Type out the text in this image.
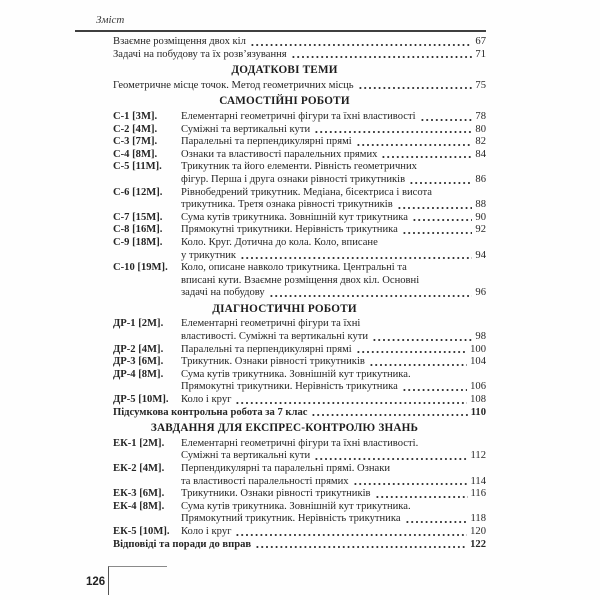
Зміст
Взаємне розміщення двох кіл	67
Задачі на побудову та їх розв’язування	71
ДОДАТКОВІ ТЕМИ
Геометричне місце точок. Метод геометричних місць	75
САМОСТІЙНІ РОБОТИ
С-1 [3М].	Елементарні геометричні фігури та їхні властивості	78
С-2 [4М].	Суміжні та вертикальні кути	80
С-3 [7М].	Паралельні та перпендикулярні прямі	82
С-4 [8М].	Ознаки та властивості паралельних прямих	84
С-5 [11М].	Трикутник та його елементи. Рівність геометричних
фігур. Перша і друга ознаки рівності трикутників	86
С-6 [12М].	Рівнобедрений трикутник. Медіана, бісектриса і висота
трикутника. Третя ознака рівності трикутників	88
С-7 [15М].	Сума кутів трикутника. Зовнішній кут трикутника	90
С-8 [16М].	Прямокутні трикутники. Нерівність трикутника	92
С-9 [18М].	Коло. Круг. Дотична до кола. Коло, вписане
у трикутник	94
С-10 [19М].	Коло, описане навколо трикутника. Центральні та
вписані кути. Взаємне розміщення двох кіл. Основні
задачі на побудову	96
ДІАГНОСТИЧНІ РОБОТИ
ДР-1 [2М].	Елементарні геометричні фігури та їхні
властивості. Суміжні та вертикальні кути	98
ДР-2 [4М].	Паралельні та перпендикулярні прямі	100
ДР-3 [6М].	Трикутник. Ознаки рівності трикутників	104
ДР-4 [8М].	Сума кутів трикутника. Зовнішній кут трикутника.
Прямокутні трикутники. Нерівність трикутника	106
ДР-5 [10М].	Коло і круг	108
Підсумкова контрольна робота за 7 клас	110
ЗАВДАННЯ ДЛЯ ЕКСПРЕС-КОНТРОЛЮ ЗНАНЬ
ЕК-1 [2М].	Елементарні геометричні фігури та їхні властивості.
Суміжні та вертикальні кути	112
ЕК-2 [4М].	Перпендикулярні та паралельні прямі. Ознаки
та властивості паралельності прямих	114
ЕК-3 [6М].	Трикутники. Ознаки рівності трикутників	116
ЕК-4 [8М].	Сума кутів трикутника. Зовнішній кут трикутника.
Прямокутний трикутник. Нерівність трикутника	118
ЕК-5 [10М].	Коло і круг	120
Відповіді та поради до вправ	122
126
